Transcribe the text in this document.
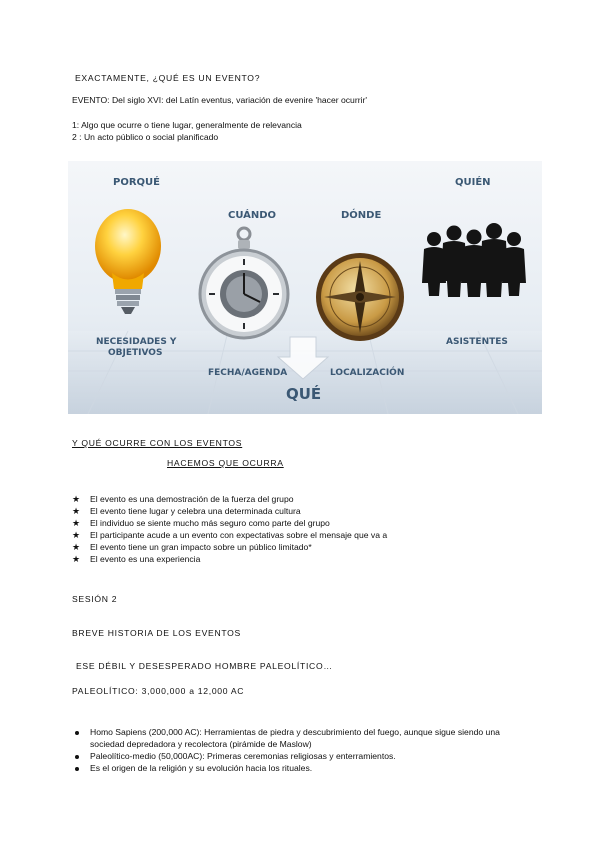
EXACTAMENTE, ¿QUÉ ES UN EVENTO?
EVENTO: Del siglo XVI: del Latín eventus, variación de evenire 'hacer ocurrir'
1: Algo que ocurre o tiene lugar, generalmente de relevancia
2 : Un acto público o social planificado
PORQUÉ
CUÁNDO	DÓNDE
QUIÉN
NECESIDADES Y
OBJETIVOS
FECHA/AGENDA	LOCALIZACIÓN
ASISTENTES
QUÉ
Y QUÉ OCURRE CON LOS EVENTOS
HACEMOS QUE OCURRA
★ El evento es una demostración de la fuerza del grupo
★ El evento tiene lugar y celebra una determinada cultura
★ El individuo se siente mucho más seguro como parte del grupo
★ El participante acude a un evento con expectativas sobre el mensaje que va a
★ El evento tiene un gran impacto sobre un público limitado*
★ El evento es una experiencia
SESIÓN 2
BREVE HISTORIA DE LOS EVENTOS
ESE DÉBIL Y DESESPERADO HOMBRE PALEOLÍTICO…
PALEOLÍTICO: 3,000,000 a 12,000 AC
Homo Sapiens (200,000 AC): Herramientas de piedra y descubrimiento del fuego, aunque sigue siendo una
sociedad depredadora y recolectora (pirámide de Maslow)
Paleolítico-medio (50,000AC): Primeras ceremonias religiosas y enterramientos.
Es el origen de la religión y su evolución hacia los rituales.
